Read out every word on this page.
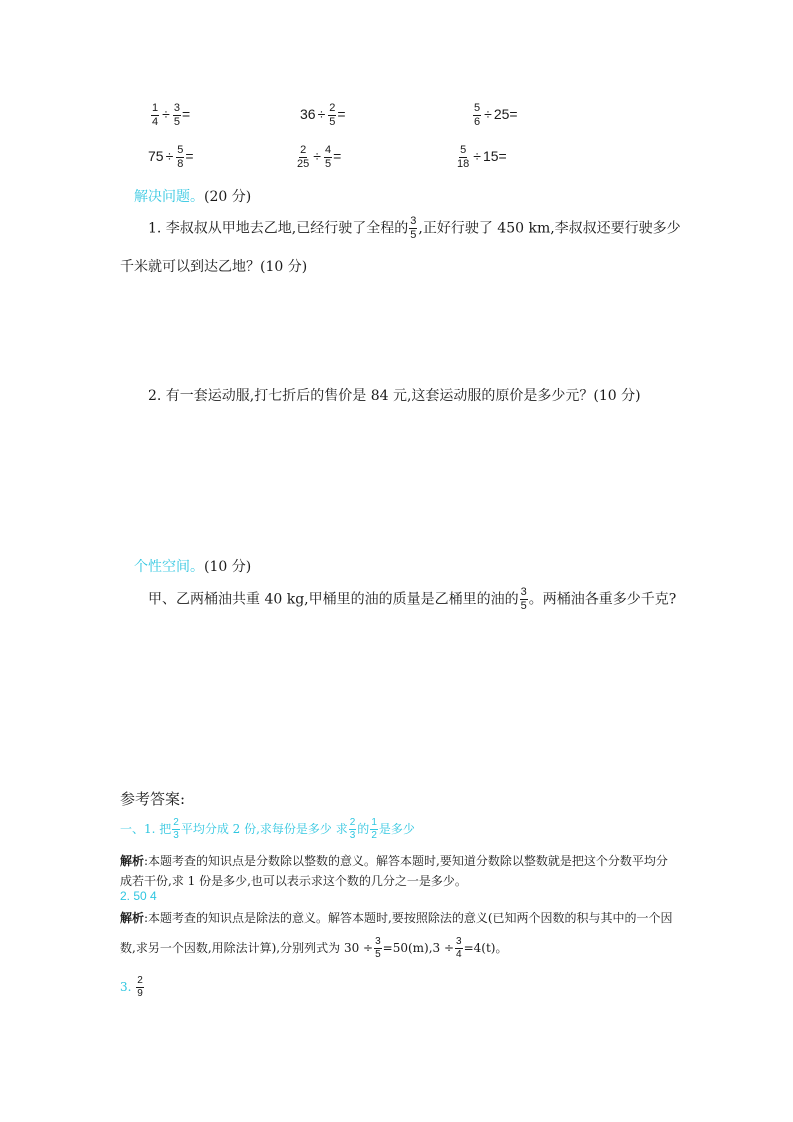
$\frac{1}{4} \div \frac{3}{5}$ =	$36 \div \frac{2}{5}$ =	$\frac{5}{6} \div 25=$
$75 \div \frac{5}{8}$ =	$\frac{2}{25} \div \frac{4}{5}$ =	$\frac{5}{18} \div 15=$
解决问题。(20 分)
1. 李叔叔从甲地去乙地,已经行驶了全程的 $\frac{3}{5}$ ,正好行驶了 450 km,李叔叔还要行驶多少
千米就可以到达乙地？(10 分)
2. 有一套运动服,打七折后的售价是 84 元,这套运动服的原价是多少元？(10 分)
个性空间。(10 分)
甲、乙两桶油共重 40 kg,甲桶里的油的质量是乙桶里的油的 $\frac{3}{5}$ 。两桶油各重多少千克?
参考答案:
一、1. 把 $\frac{2}{3}$ 平均分成 2 份,求每份是多少 求 $\frac{2}{3}$ 的 $\frac{1}{2}$ 是多少
解析:本题考查的知识点是分数除以整数的意义。解答本题时,要知道分数除以整数就是把这个分数平均分
成若干份,求 1 份是多少,也可以表示求这个数的几分之一是多少。
2. 50 4
解析:本题考查的知识点是除法的意义。解答本题时,要按照除法的意义(已知两个因数的积与其中的一个因
数,求另一个因数,用除法计算),分别列式为 $30 \div \frac{3}{5} =50(m),3 \div \frac{3}{4} =4(t)$。
3. $\frac{2}{9}$
